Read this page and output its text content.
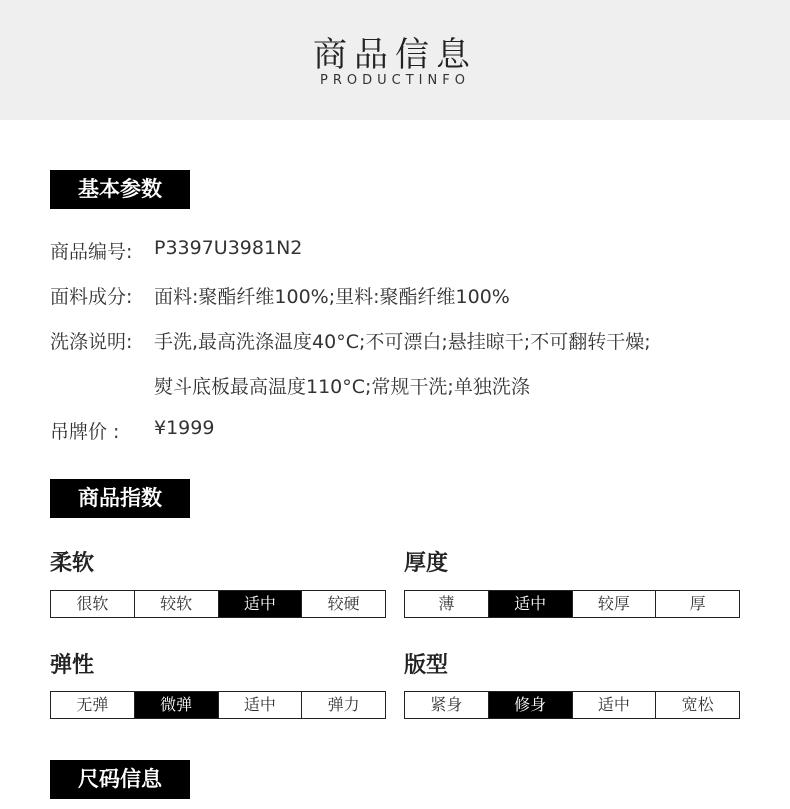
商品信息
PRODUCTINFO
基本参数
商品编号: P3397U3981N2
面料成分: 面料:聚酯纤维100%;里料:聚酯纤维100%
洗涤说明: 手洗,最高洗涤温度40°C;不可漂白;悬挂晾干;不可翻转干燥;
熨斗底板最高温度110°C;常规干洗;单独洗涤
吊牌价 : ¥1999
商品指数
柔软
很软	较软	适中	较硬
厚度
薄	适中	较厚	厚
弹性
无弹	微弹	适中	弹力
版型
紧身	修身	适中	宽松
尺码信息
